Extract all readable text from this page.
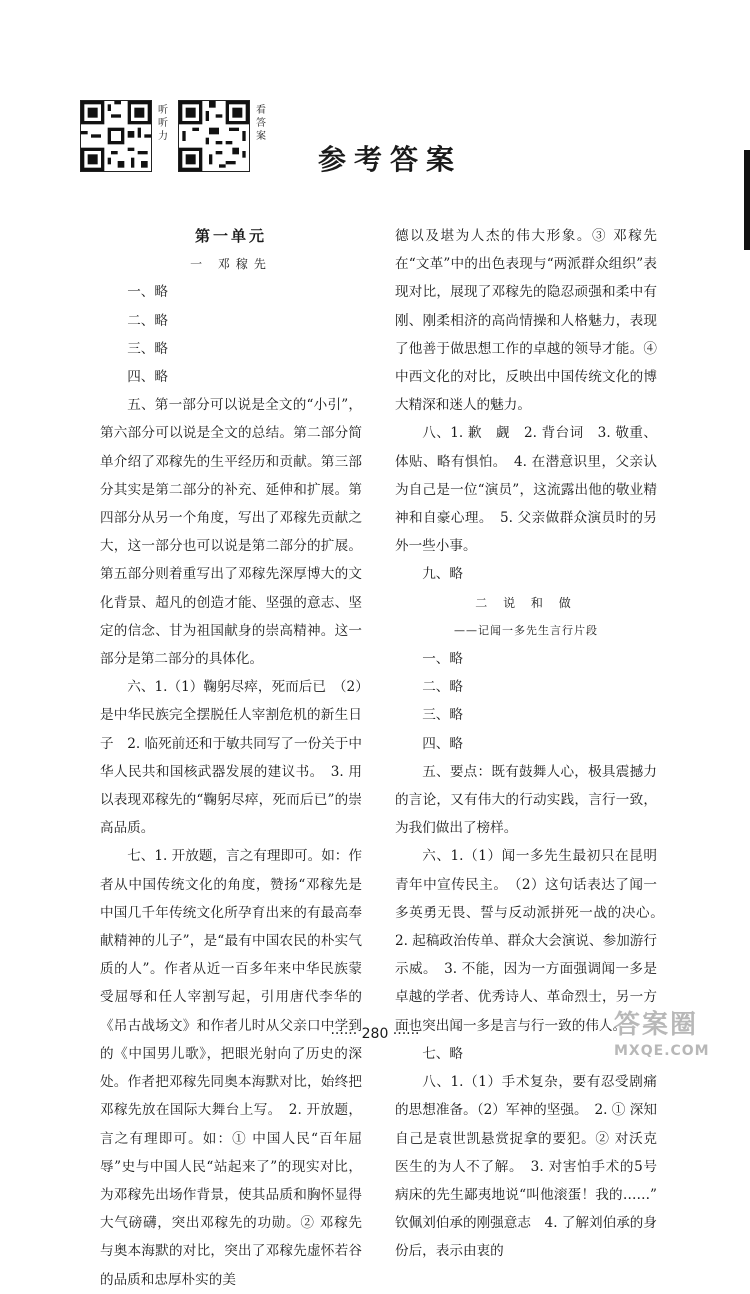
听听力
看答案
参考答案

第一单元

一 邓稼先

一、略

二、略

三、略

四、略

五、第一部分可以说是全文的“小引”，第六部分可以说是全文的总结。第二部分简单介绍了邓稼先的生平经历和贡献。第三部分其实是第二部分的补充、延伸和扩展。第四部分从另一个角度，写出了邓稼先贡献之大，这一部分也可以说是第二部分的扩展。第五部分则着重写出了邓稼先深厚博大的文化背景、超凡的创造才能、坚强的意志、坚定的信念、甘为祖国献身的崇高精神。这一部分是第二部分的具体化。

六、1.（1）鞠躬尽瘁，死而后已　（2）是中华民族完全摆脱任人宰割危机的新生日子　2. 临死前还和于敏共同写了一份关于中华人民共和国核武器发展的建议书。　3. 用以表现邓稼先的“鞠躬尽瘁，死而后已”的崇高品质。

七、1. 开放题，言之有理即可。如：作者从中国传统文化的角度，赞扬“邓稼先是中国几千年传统文化所孕育出来的有最高奉献精神的儿子”，是“最有中国农民的朴实气质的人”。作者从近一百多年来中华民族蒙受屈辱和任人宰割写起，引用唐代李华的《吊古战场文》和作者儿时从父亲口中学到的《中国男儿歌》，把眼光射向了历史的深处。作者把邓稼先同奥本海默对比，始终把邓稼先放在国际大舞台上写。　2. 开放题，言之有理即可。如：① 中国人民“百年屈辱”史与中国人民“站起来了”的现实对比，为邓稼先出场作背景，使其品质和胸怀显得大气磅礴，突出邓稼先的功勋。② 邓稼先与奥本海默的对比，突出了邓稼先虚怀若谷的品质和忠厚朴实的美

德以及堪为人杰的伟大形象。③ 邓稼先在“文革”中的出色表现与“两派群众组织”表现对比，展现了邓稼先的隐忍顽强和柔中有刚、刚柔相济的高尚情操和人格魅力，表现了他善于做思想工作的卓越的领导才能。④ 中西文化的对比，反映出中国传统文化的博大精深和迷人的魅力。

八、1. 歉　觑　2. 背台词　3. 敬重、体贴、略有惧怕。　4. 在潜意识里，父亲认为自己是一位“演员”，这流露出他的敬业精神和自豪心理。　5. 父亲做群众演员时的另外一些小事。

九、略

二 说 和 做

——记闻一多先生言行片段

一、略

二、略

三、略

四、略

五、要点：既有鼓舞人心，极具震撼力的言论，又有伟大的行动实践，言行一致，为我们做出了榜样。

六、1.（1）闻一多先生最初只在昆明青年中宣传民主。　（2）这句话表达了闻一多英勇无畏、誓与反动派拼死一战的决心。　2. 起稿政治传单、群众大会演说、参加游行示威。　3. 不能，因为一方面强调闻一多是卓越的学者、优秀诗人、革命烈士，另一方面也突出闻一多是言与行一致的伟人。

七、略

八、1.（1）手术复杂，要有忍受剧痛的思想准备。（2）军神的坚强。　2. ① 深知自己是袁世凯悬赏捉拿的要犯。② 对沃克医生的为人不了解。　3. 对害怕手术的5号病床的先生鄙夷地说“叫他滚蛋！我的……”　钦佩刘伯承的刚强意志　4. 了解刘伯承的身份后，表示由衷的

······ 280 ······	答案圈
MXQE.COM
